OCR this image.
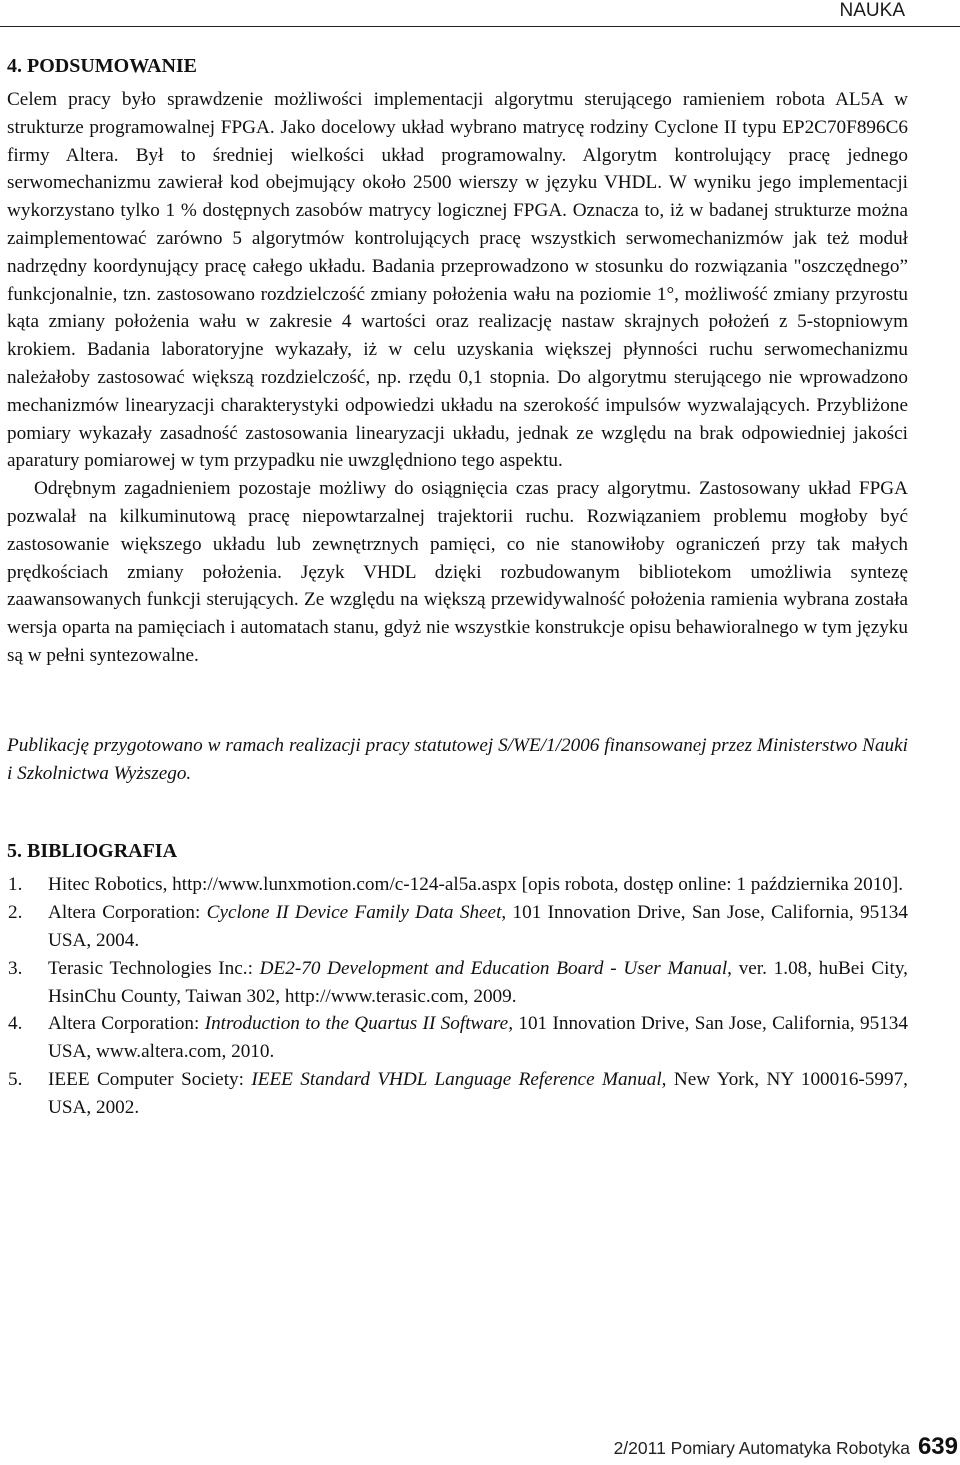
NAUKA
4. PODSUMOWANIE

Celem pracy było sprawdzenie możliwości implementacji algorytmu sterującego ramieniem robota AL5A w strukturze programowalnej FPGA. Jako docelowy układ wybrano matrycę rodziny Cyclone II typu EP2C70F896C6 firmy Altera. Był to średniej wielkości układ programowalny. Algorytm kontrolujący pracę jednego serwomechanizmu zawierał kod obejmujący około 2500 wierszy w języku VHDL. W wyniku jego implementacji wykorzystano tylko 1 % dostępnych zasobów matrycy logicznej FPGA. Oznacza to, iż w badanej strukturze można zaimplementować zarówno 5 algorytmów kontrolujących pracę wszystkich serwomechanizmów jak też moduł nadrzędny koordynujący pracę całego układu. Badania przeprowadzono w stosunku do rozwiązania "oszczędnego” funkcjonalnie, tzn. zastosowano rozdzielczość zmiany położenia wału na poziomie 1°, możliwość zmiany przyrostu kąta zmiany położenia wału w zakresie 4 wartości oraz realizację nastaw skrajnych położeń z 5-stopniowym krokiem. Badania laboratoryjne wykazały, iż w celu uzyskania większej płynności ruchu serwomechanizmu należałoby zastosować większą rozdzielczość, np. rzędu 0,1 stopnia. Do algorytmu sterującego nie wprowadzono mechanizmów linearyzacji charakterystyki odpowiedzi układu na szerokość impulsów wyzwalających. Przybliżone pomiary wykazały zasadność zastosowania linearyzacji układu, jednak ze względu na brak odpowiedniej jakości aparatury pomiarowej w tym przypadku nie uwzględniono tego aspektu.

Odrębnym zagadnieniem pozostaje możliwy do osiągnięcia czas pracy algorytmu. Zastosowany układ FPGA pozwalał na kilkuminutową pracę niepowtarzalnej trajektorii ruchu. Rozwiązaniem problemu mogłoby być zastosowanie większego układu lub zewnętrznych pamięci, co nie stanowiłoby ograniczeń przy tak małych prędkościach zmiany położenia. Język VHDL dzięki rozbudowanym bibliotekom umożliwia syntezę zaawansowanych funkcji sterujących. Ze względu na większą przewidywalność położenia ramienia wybrana została wersja oparta na pamięciach i automatach stanu, gdyż nie wszystkie konstrukcje opisu behawioralnego w tym języku są w pełni syntezowalne.

Publikację przygotowano w ramach realizacji pracy statutowej S/WE/1/2006 finansowanej przez Ministerstwo Nauki i Szkolnictwa Wyższego.

5. BIBLIOGRAFIA
1. Hitec Robotics, http://www.lunxmotion.com/c-124-al5a.aspx [opis robota, dostęp online: 1 października 2010].
2. Altera Corporation: Cyclone II Device Family Data Sheet, 101 Innovation Drive, San Jose, California, 95134 USA, 2004.
3. Terasic Technologies Inc.: DE2-70 Development and Education Board - User Manual, ver. 1.08, huBei City, HsinChu County, Taiwan 302, http://www.terasic.com, 2009.
4. Altera Corporation: Introduction to the Quartus II Software, 101 Innovation Drive, San Jose, California, 95134 USA, www.altera.com, 2010.
5. IEEE Computer Society: IEEE Standard VHDL Language Reference Manual, New York, NY 100016-5997, USA, 2002.
2/2011 Pomiary Automatyka Robotyka 639
